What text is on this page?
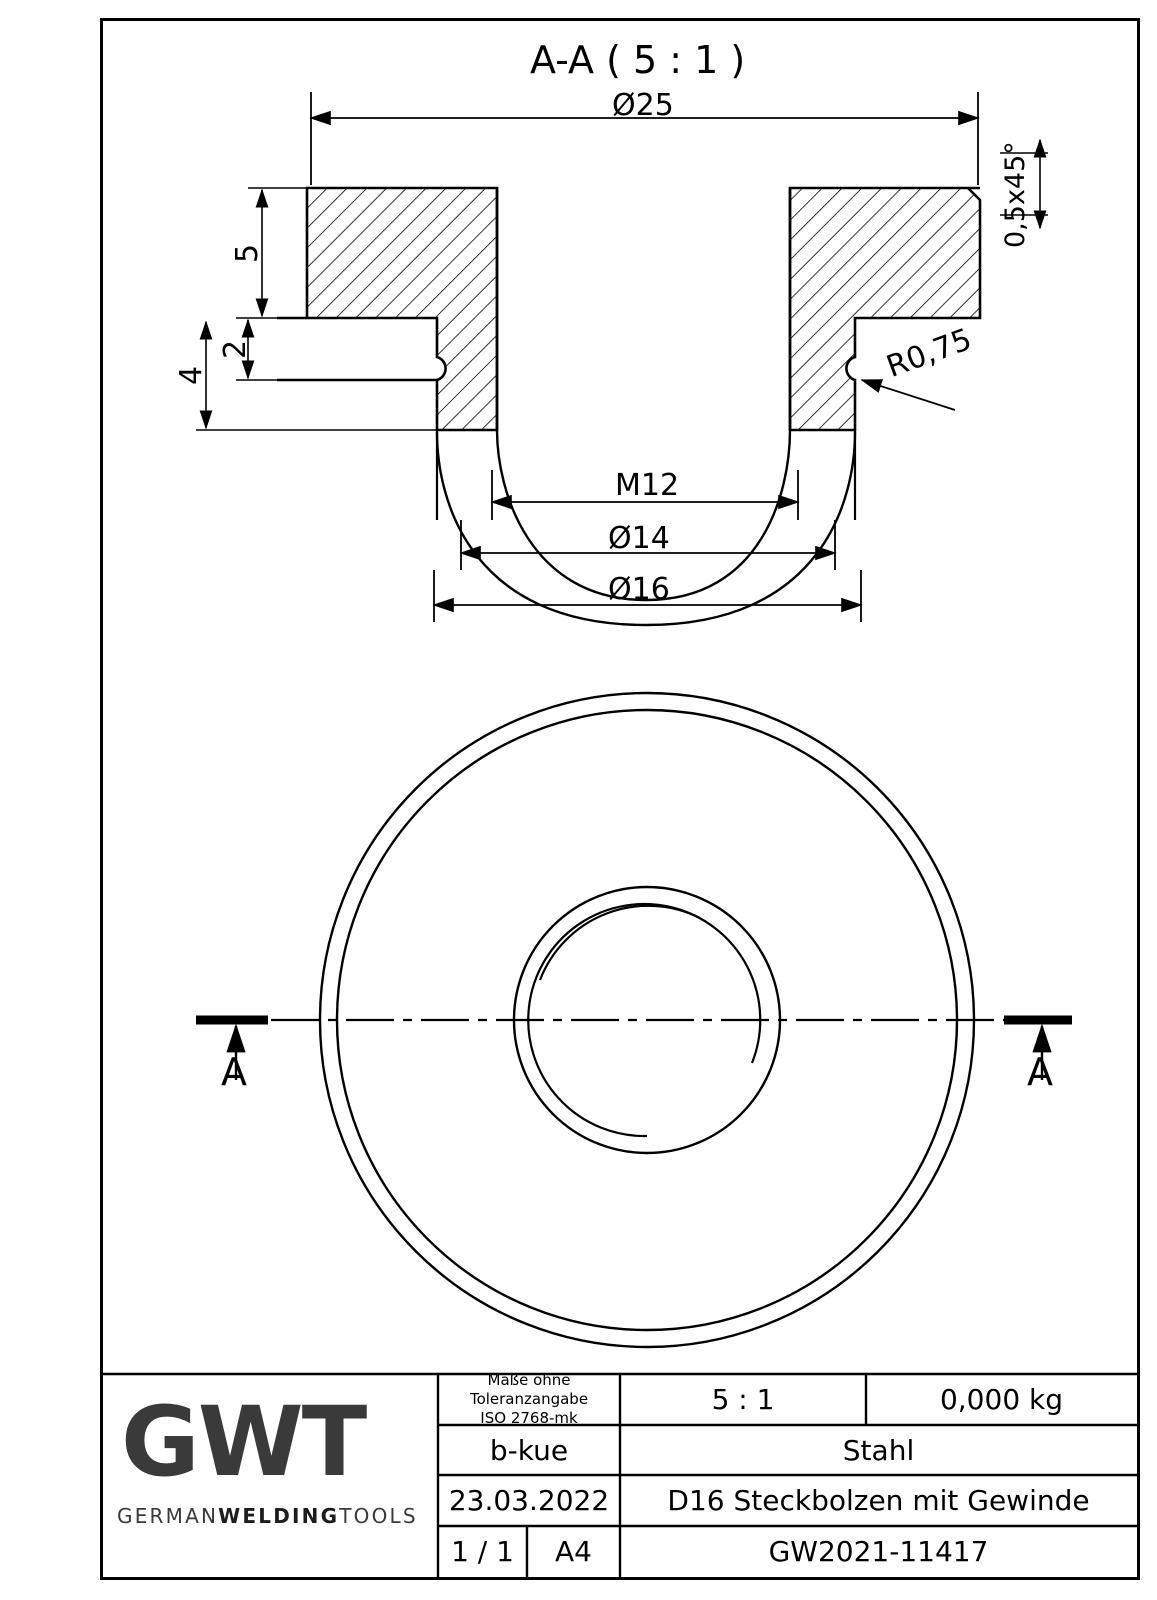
A-A ( 5 : 1 )
Ø25
0,5x45°
5
2
4	R0,75
M12
Ø14
Ø16
A	A
GWT
GERMANWELDINGTOOLS
Maße ohne Toleranzangabe
ISO 2768-mk
5 : 1	0,000 kg
b-kue	Stahl
23.03.2022	D16 Steckbolzen mit Gewinde
1 / 1	A4	GW2021-11417
